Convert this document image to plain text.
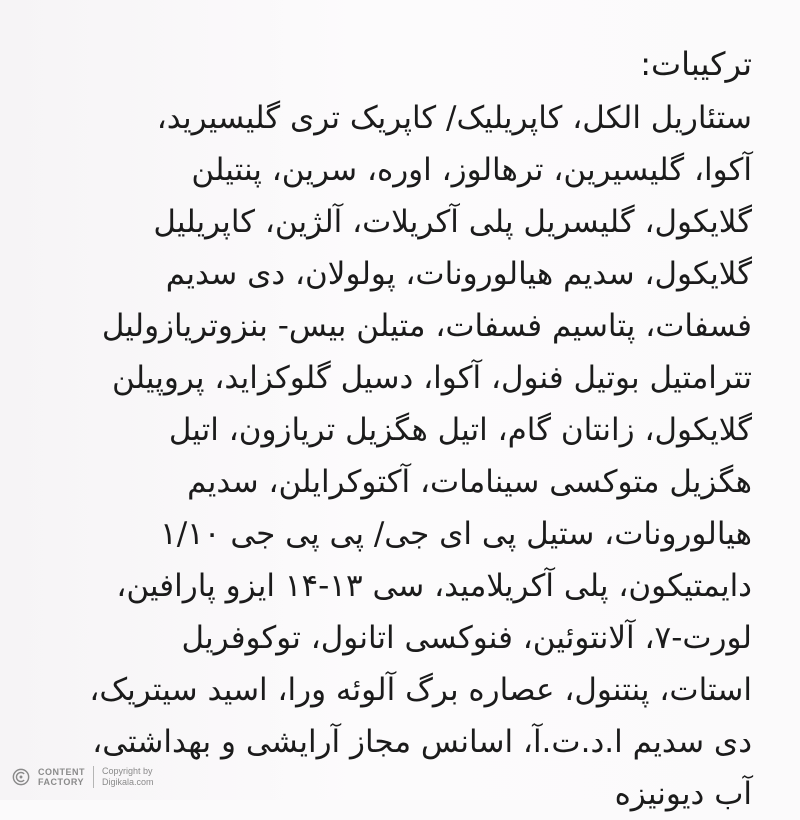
ترکیبات:
ستئاریل الکل، کاپریلیک/ کاپریک تری گلیسیرید،
آکوا، گلیسیرین، ترهالوز، اوره، سرین، پنتیلن
گلایکول، گلیسریل پلی آکریلات، آلژین، کاپریلیل
گلایکول، سدیم هیالورونات، پولولان، دی سدیم
فسفات، پتاسیم فسفات، متیلن بیس- بنزوتریازولیل
تترامتیل بوتیل فنول، آکوا، دسیل گلوکزاید، پروپیلن
گلایکول، زانتان گام، اتیل هگزیل تریازون، اتیل
هگزیل متوکسی سینامات، آکتوکرایلن، سدیم
هیالورونات، ستیل پی ای جی/ پی پی جی ۱/۱۰
دایمتیکون، پلی آکریلامید، سی ۱۳-۱۴ ایزو پارافین،
لورت-۷، آلانتوئین، فنوکسی اتانول، توکوفریل
استات، پنتنول، عصاره برگ آلوئه ورا، اسید سیتریک،
دی سدیم ا.د.ت.آ، اسانس مجاز آرایشی و بهداشتی،
آب دیونیزه
CONTENT
FACTORY
Copyright by
Digikala.com
